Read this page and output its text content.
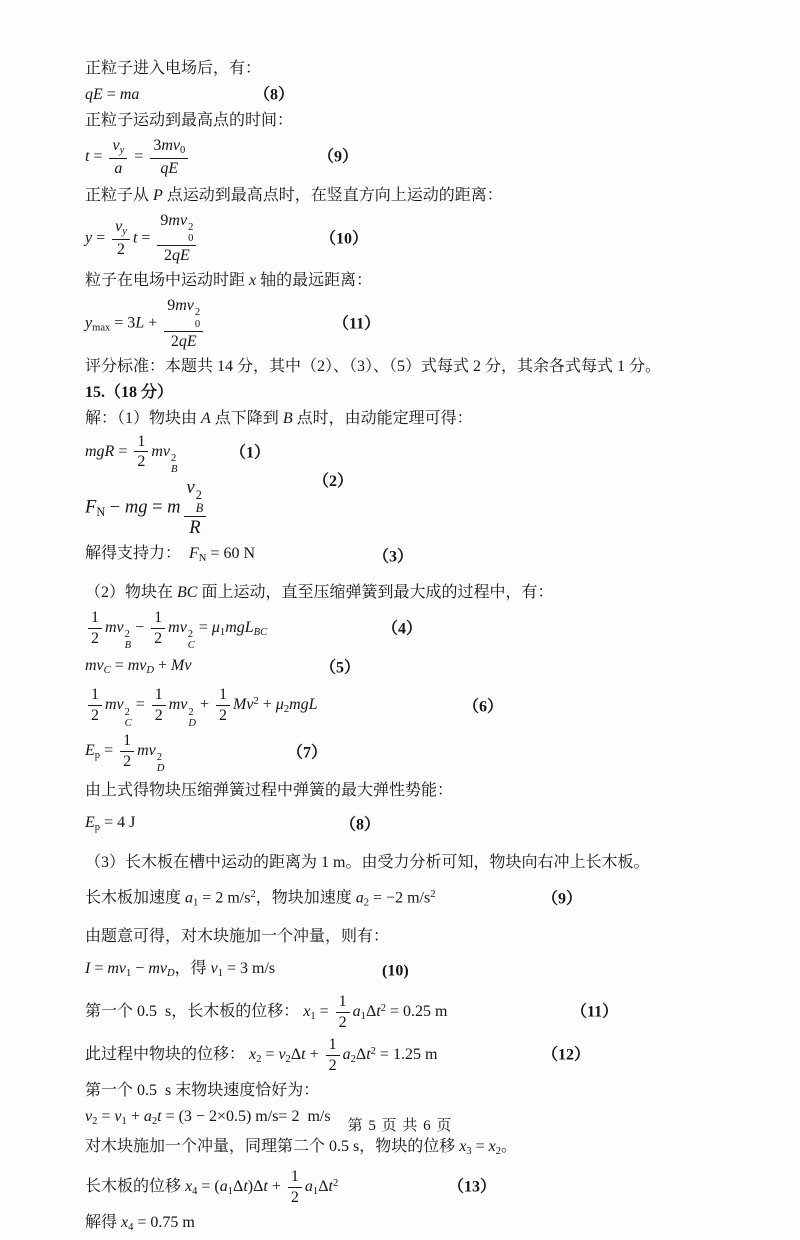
正粒子进入电场后，有：
qE = ma	（8）
正粒子运动到最高点的时间：
$t = \frac{v_y}{a} = \frac{3mv_0}{qE}$	（9）
正粒子从 P 点运动到最高点时，在竖直方向上运动的距离：
$y = \frac{v_y}{2}$ t = 9mv 2
0
2qE	（10）
粒子在电场中运动时距 x 轴的最远距离：
$y_{max} = 3L + 9mv$ 2
0
2qE	（11）
评分标准：本题共 14 分，其中（2）、（3）、（5）式每式 2 分，其余各式每式 1 分。
15.（18 分）
解：（1）物块由 A 点下降到 B 点时，由动能定理可得：
mgR = $\frac{1}{2}$ mv 2
B
（1）
$F_N$ − mg = m v 2
B
R	（2）
解得支持力：  $F_N = 60$ N	（3）
（2）物块在 BC 面上运动，直至压缩弹簧到最大成的过程中，有：
$\frac{1}{2}$ mv 2
B
− $\frac{1}{2}$ mv 2
C
= $\mu_1mgL_{BC}$	（4）
$mv_C = mv_D + Mv$	（5）
$\frac{1}{2}$ mv 2
C
= $\frac{1}{2}$ mv 2
D
+ $\frac{1}{2} Mv^2 + \mu_2mgL$	（6）
$E_p = \frac{1}{2}$ mv 2
D
（7）
由上式得物块压缩弹簧过程中弹簧的最大弹性势能：
$E_p = 4$ J	（8）
（3）长木板在槽中运动的距离为 1 m。由受力分析可知，物块向右冲上长木板。
长木板加速度 $a_1 = 2$ $m/s^2$，物块加速度 $a_2 = -2$ $m/s^2$	（9）
由题意可得，对木块施加一个冲量，则有：
$I = mv_1 - mv_D$，得 $v_1 = 3$ m/s	(10)
第一个 0.5  s，长木板的位移： $x_1 = \frac{1}{2} a_1\Delta t^2 = 0.25$ m	（11）
此过程中物块的位移： $x_2 = v_2\Delta t + \frac{1}{2} a_2\Delta t^2 = 1.25$ m	（12）
第一个 0.5  s 末物块速度恰好为：
$v_2 = v_1 + a_2t = (3 - 2\times 0.5)$ m/s= 2  m/s
对木块施加一个冲量，同理第二个 0.5 s，物块的位移 $x_3 = x_2$。
长木板的位移 $x_4 = (a_1\Delta t)\Delta t + \frac{1}{2} a_1\Delta t^2$	（13）
解得 $x_4 = 0.75$ m
第 5 页 共 6 页
